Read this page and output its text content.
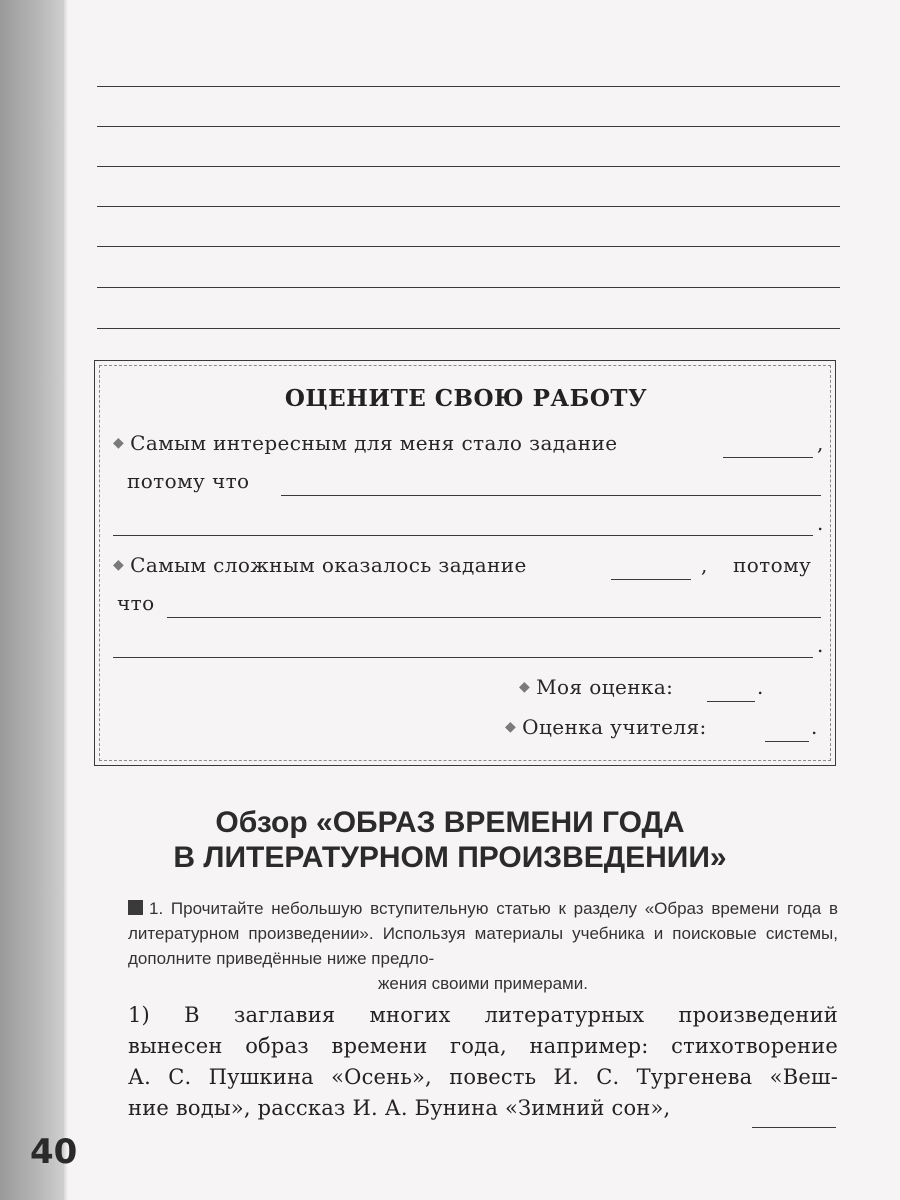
ОЦЕНИТЕ СВОЮ РАБОТУ
◆ Самым интересным для меня стало задание	,
потому что
.
◆ Самым сложным оказалось задание	, потому
что
.
◆ Моя оценка:	.
◆ Оценка учителя:	.
Обзор «ОБРАЗ ВРЕМЕНИ ГОДА
В ЛИТЕРАТУРНОМ ПРОИЗВЕДЕНИИ»
1. Прочитайте небольшую вступительную статью к разделу «Образ времени года в литературном произведении». Используя материалы учебника и поисковые системы, дополните приведённые ниже предло-
жения своими примерами.
1) В заглавия многих литературных произведений
вынесен образ времени года, например: стихотворение
А. С. Пушкина «Осень», повесть И. С. Тургенева «Веш-
ние воды», рассказ И. А. Бунина «Зимний сон»,
40
